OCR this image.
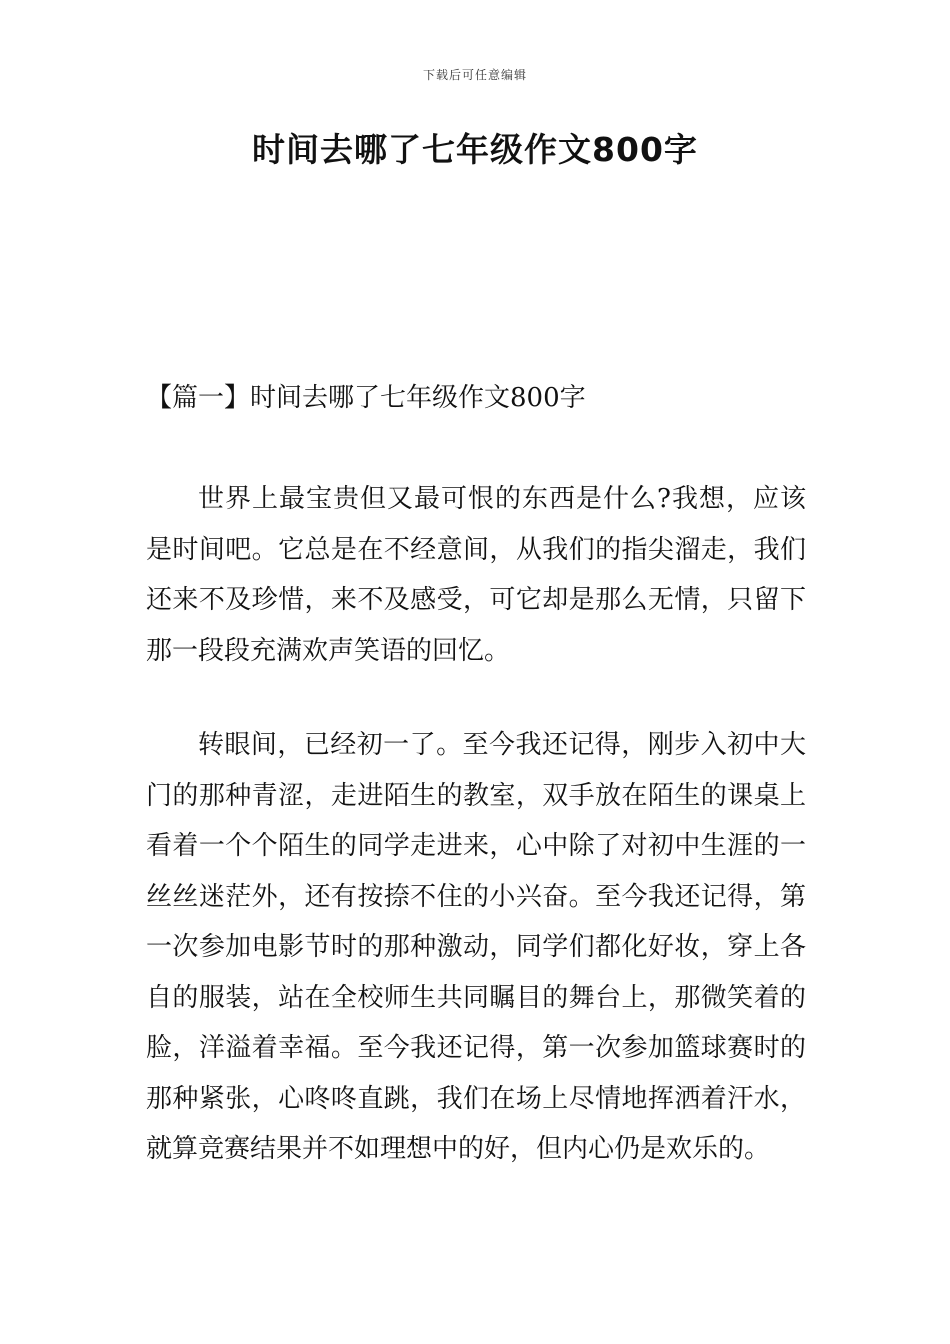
下载后可任意编辑
时间去哪了七年级作文800字
【篇一】时间去哪了七年级作文800字

世界上最宝贵但又最可恨的东西是什么?我想，应该是时间吧。它总是在不经意间，从我们的指尖溜走，我们还来不及珍惜，来不及感受，可它却是那么无情，只留下那一段段充满欢声笑语的回忆。

转眼间，已经初一了。至今我还记得，刚步入初中大门的那种青涩，走进陌生的教室，双手放在陌生的课桌上看着一个个陌生的同学走进来，心中除了对初中生涯的一丝丝迷茫外，还有按捺不住的小兴奋。至今我还记得，第一次参加电影节时的那种激动，同学们都化好妆，穿上各自的服装，站在全校师生共同瞩目的舞台上，那微笑着的脸，洋溢着幸福。至今我还记得，第一次参加篮球赛时的那种紧张，心咚咚直跳，我们在场上尽情地挥洒着汗水，就算竞赛结果并不如理想中的好，但内心仍是欢乐的。
